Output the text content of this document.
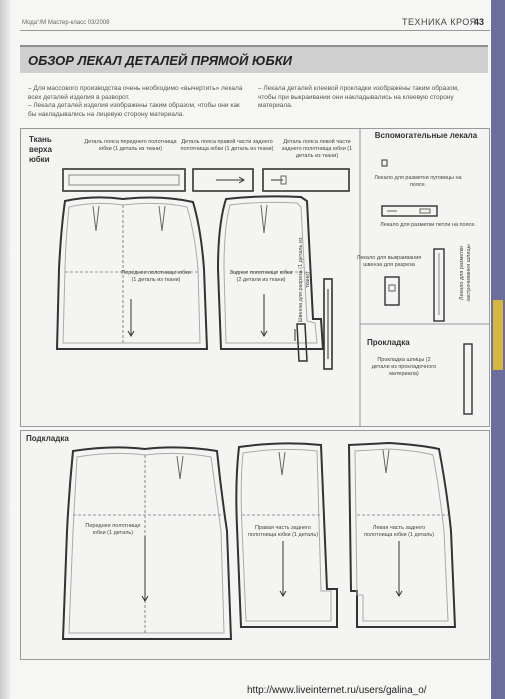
Мода°/М Мастер-класс 03/2008	ТЕХНИКА КРОЯ
43
ОБЗОР ЛЕКАЛ ДЕТАЛЕЙ ПРЯМОЙ ЮБКИ
– Для массового производства очень необходимо «вычертить» лекала всех деталей изделия в разворот.
– Лекала деталей изделия изображены таким образом, чтобы они как бы накладывались на лицевую сторону материала.
– Лекала деталей клеевой прокладки изображены таким образом, чтобы при выкраивании они накладывались на клеевую сторону материала.
Ткань верха юбки
Деталь пояса переднего полотнища юбки (1 деталь из ткани)
Деталь пояса правой части заднего полотнища юбки (1 деталь из ткани)
Деталь пояса левой части заднего полотнища юбки (1 деталь из ткани)
Переднее полотнище юбки (1 деталь из ткани)
Заднее полотнище юбки (2 детали из ткани)	Швенза для разреза (1 деталь из ткани)
Вспомогательные лекала
Лекало для разметки пуговицы на поясе.
Лекало для разметки петли на поясе.
Лекало для выкраивания швенза для разреза	Лекало для разметки застрочивания шлицы
Прокладка
Прокладка шлицы (2 детали из прокладочного материала)
Подкладка
Переднее полотнище юбки (1 деталь)
Правая часть заднего полотнища юбки (1 деталь)
Левая часть заднего полотнища юбки (1 деталь)
http://www.liveinternet.ru/users/galina_o/
